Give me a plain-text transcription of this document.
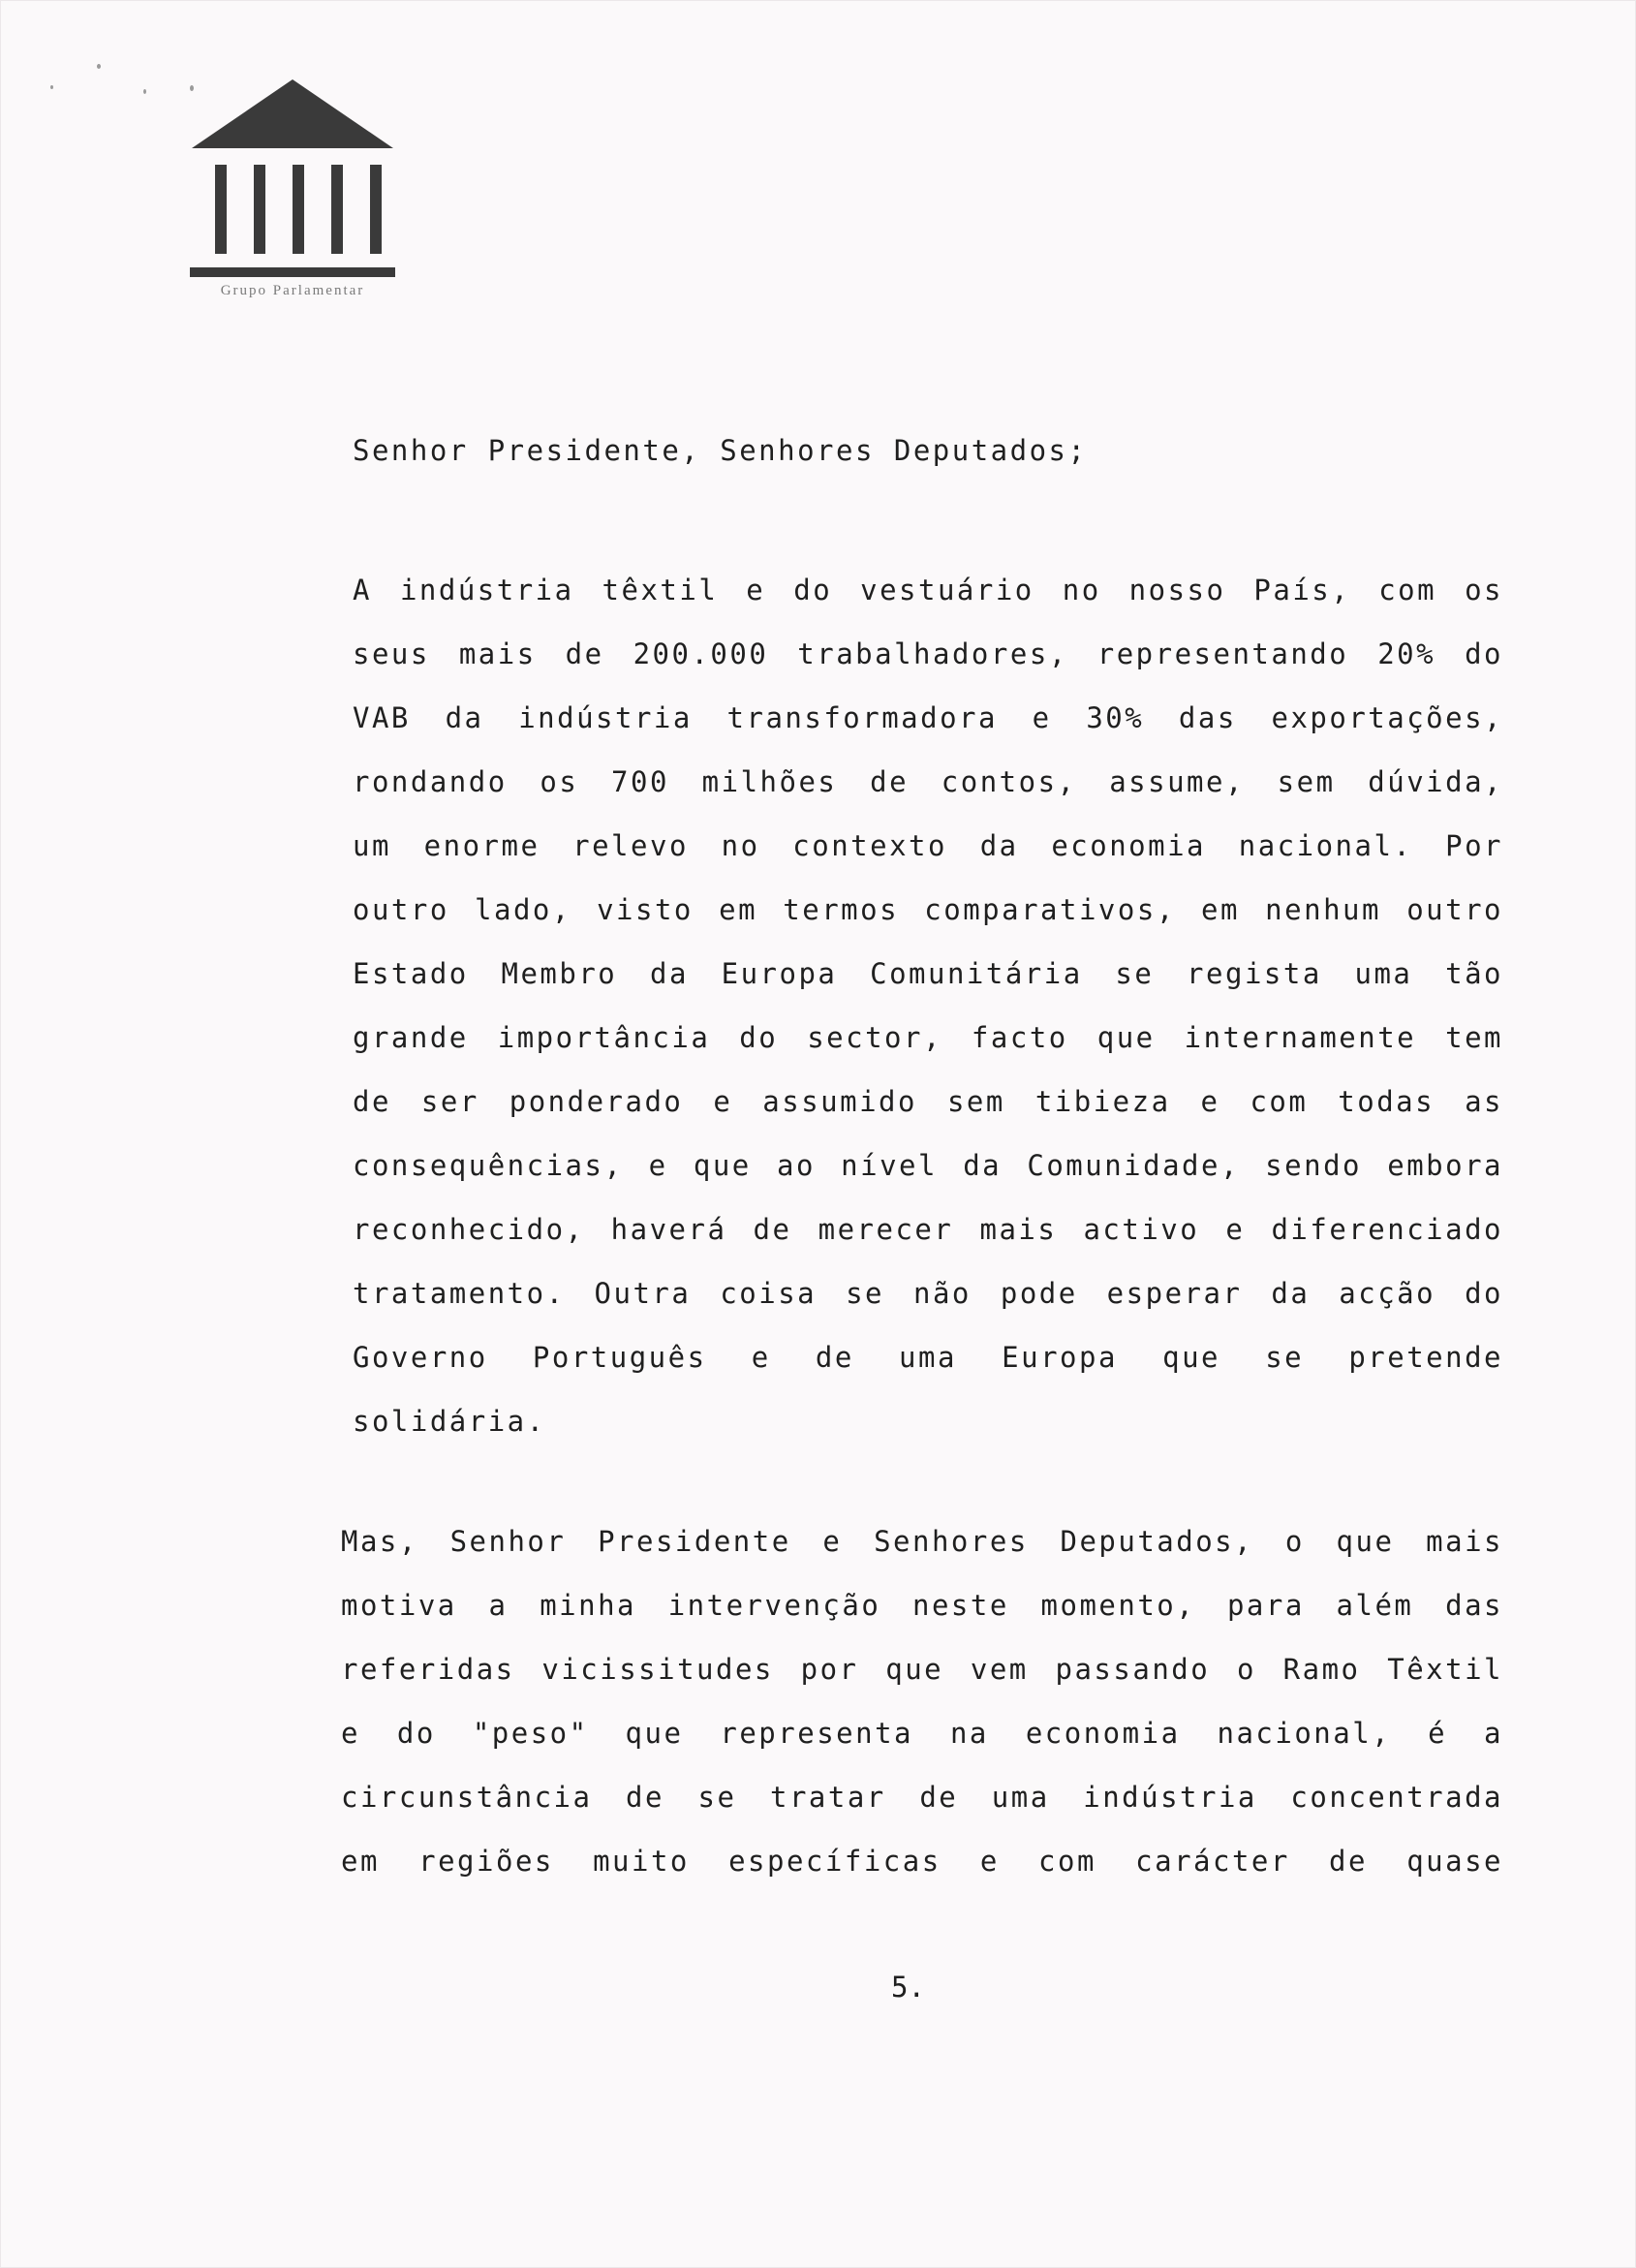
Grupo Parlamentar
Senhor Presidente, Senhores Deputados;
A indústria têxtil e do vestuário no nosso País, com os
seus mais de 200.000 trabalhadores, representando 20% do
VAB da indústria transformadora e 30% das exportações,
rondando os 700 milhões de contos, assume, sem dúvida,
um enorme relevo no contexto da economia nacional. Por
outro lado, visto em termos comparativos, em nenhum outro
Estado Membro da Europa Comunitária se regista uma tão
grande importância do sector, facto que internamente tem
de ser ponderado e assumido sem tibieza e com todas as
consequências, e que ao nível da Comunidade, sendo embora
reconhecido, haverá de merecer mais activo e diferenciado
tratamento. Outra coisa se não pode esperar da acção do
Governo Português e de uma Europa que se pretende solidária.
Mas, Senhor Presidente e Senhores Deputados, o que mais
motiva a minha intervenção neste momento, para além das
referidas vicissitudes por que vem passando o Ramo Têxtil
e do "peso" que representa na economia nacional, é a
circunstância de se tratar de uma indústria concentrada
em regiões muito específicas e com carácter de quase
5.
